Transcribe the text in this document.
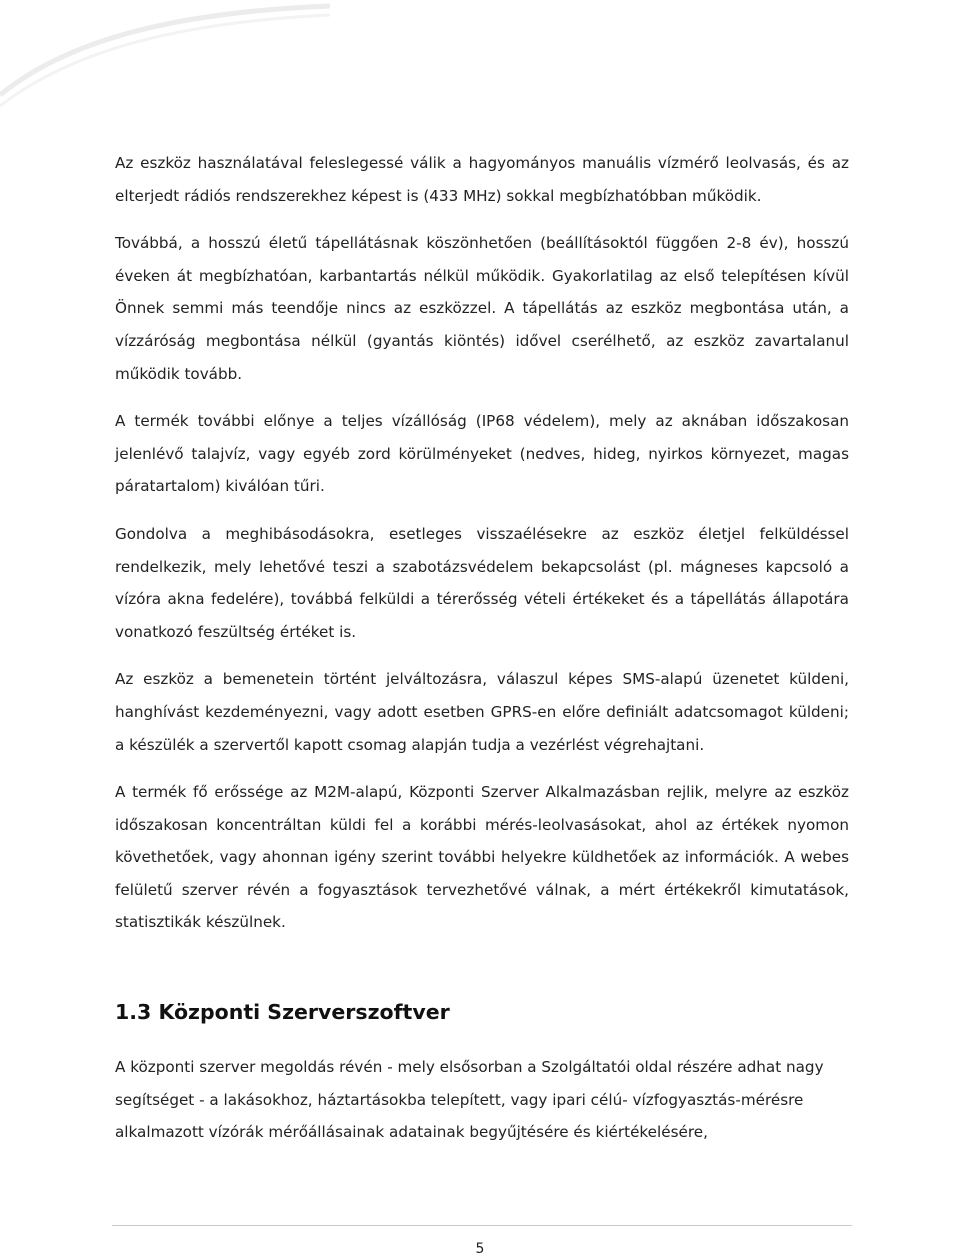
Az eszköz használatával feleslegessé válik a hagyományos manuális vízmérő leolvasás, és az elterjedt rádiós rendszerekhez képest is (433 MHz) sokkal megbízhatóbban működik.

Továbbá, a hosszú életű tápellátásnak köszönhetően (beállításoktól függően 2-8 év), hosszú éveken át megbízhatóan, karbantartás nélkül működik. Gyakorlatilag az első telepítésen kívül Önnek semmi más teendője nincs az eszközzel. A tápellátás az eszköz megbontása után, a vízzáróság megbontása nélkül (gyantás kiöntés) idővel cserélhető, az eszköz zavartalanul működik tovább.

A termék további előnye a teljes vízállóság (IP68 védelem), mely az aknában időszakosan jelenlévő talajvíz, vagy egyéb zord körülményeket (nedves, hideg, nyirkos környezet, magas páratartalom) kiválóan tűri.

Gondolva a meghibásodásokra, esetleges visszaélésekre az eszköz életjel felküldéssel rendelkezik, mely lehetővé teszi a szabotázsvédelem bekapcsolást (pl. mágneses kapcsoló a vízóra akna fedelére), továbbá felküldi a térerősség vételi értékeket és a tápellátás állapotára vonatkozó feszültség értéket is.

Az eszköz a bemenetein történt jelváltozásra, válaszul képes SMS-alapú üzenetet küldeni, hanghívást kezdeményezni, vagy adott esetben GPRS-en előre definiált adatcsomagot küldeni; a készülék a szervertől kapott csomag alapján tudja a vezérlést végrehajtani.

A termék fő erőssége az M2M-alapú, Központi Szerver Alkalmazásban rejlik, melyre az eszköz időszakosan koncentráltan küldi fel a korábbi mérés-leolvasásokat, ahol az értékek nyomon követhetőek, vagy ahonnan igény szerint további helyekre küldhetőek az információk. A webes felületű szerver révén a fogyasztások tervezhetővé válnak, a mért értékekről kimutatások, statisztikák készülnek.

1.3 Központi Szerverszoftver

A központi szerver megoldás révén - mely elsősorban a Szolgáltatói oldal részére adhat nagy segítséget - a lakásokhoz, háztartásokba telepített, vagy ipari célú- vízfogyasztás-mérésre alkalmazott vízórák mérőállásainak adatainak begyűjtésére és kiértékelésére,

5
